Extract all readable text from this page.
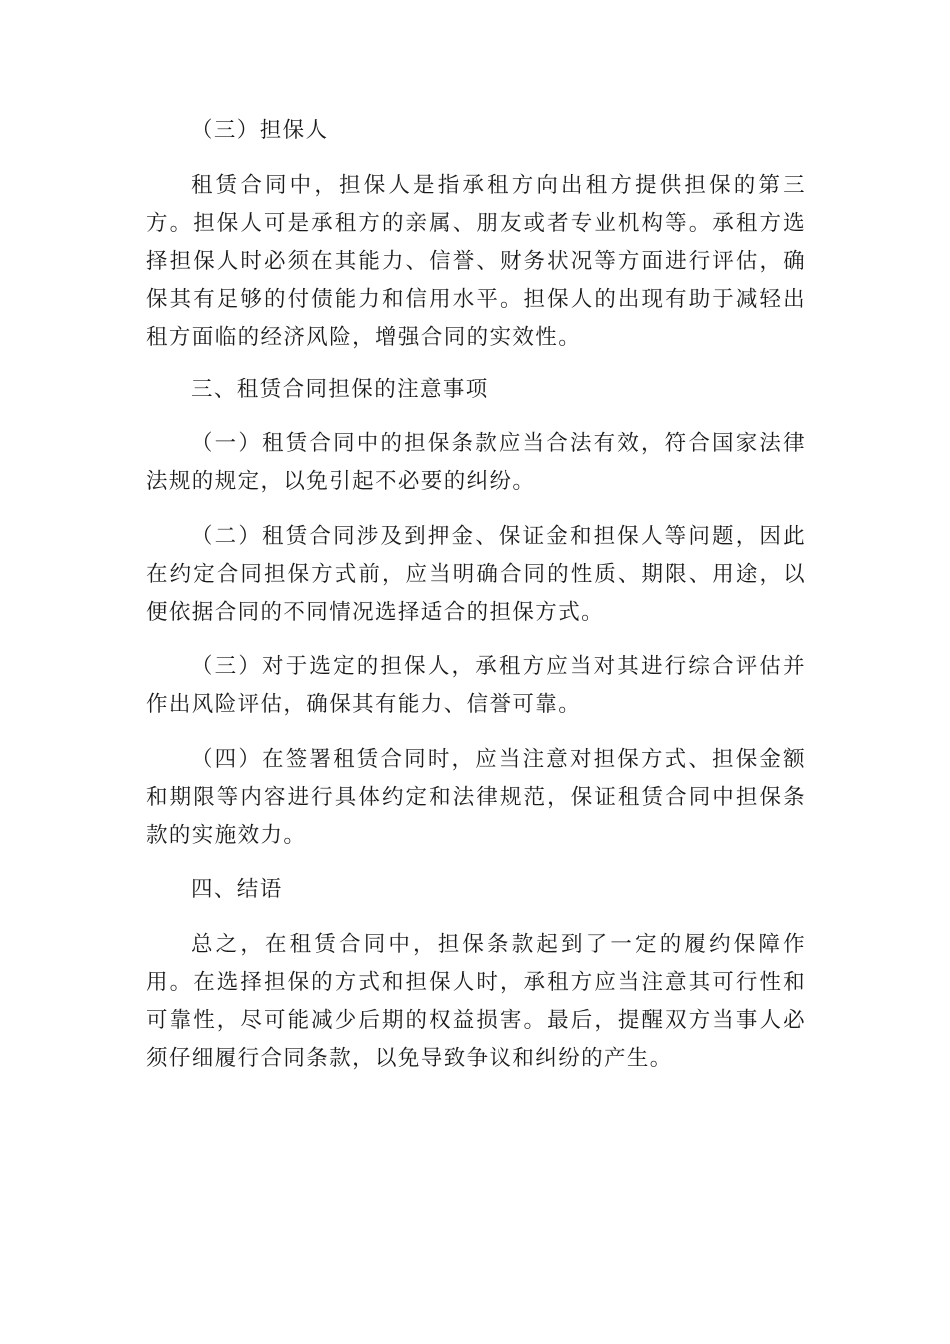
（三）担保人

租赁合同中，担保人是指承租方向出租方提供担保的第三方。担保人可是承租方的亲属、朋友或者专业机构等。承租方选择担保人时必须在其能力、信誉、财务状况等方面进行评估，确保其有足够的付债能力和信用水平。担保人的出现有助于减轻出租方面临的经济风险，增强合同的实效性。

三、租赁合同担保的注意事项

（一）租赁合同中的担保条款应当合法有效，符合国家法律法规的规定，以免引起不必要的纠纷。

（二）租赁合同涉及到押金、保证金和担保人等问题，因此在约定合同担保方式前，应当明确合同的性质、期限、用途，以便依据合同的不同情况选择适合的担保方式。

（三）对于选定的担保人，承租方应当对其进行综合评估并作出风险评估，确保其有能力、信誉可靠。

（四）在签署租赁合同时，应当注意对担保方式、担保金额和期限等内容进行具体约定和法律规范，保证租赁合同中担保条款的实施效力。

四、结语

总之，在租赁合同中，担保条款起到了一定的履约保障作用。在选择担保的方式和担保人时，承租方应当注意其可行性和可靠性，尽可能减少后期的权益损害。最后，提醒双方当事人必须仔细履行合同条款，以免导致争议和纠纷的产生。
